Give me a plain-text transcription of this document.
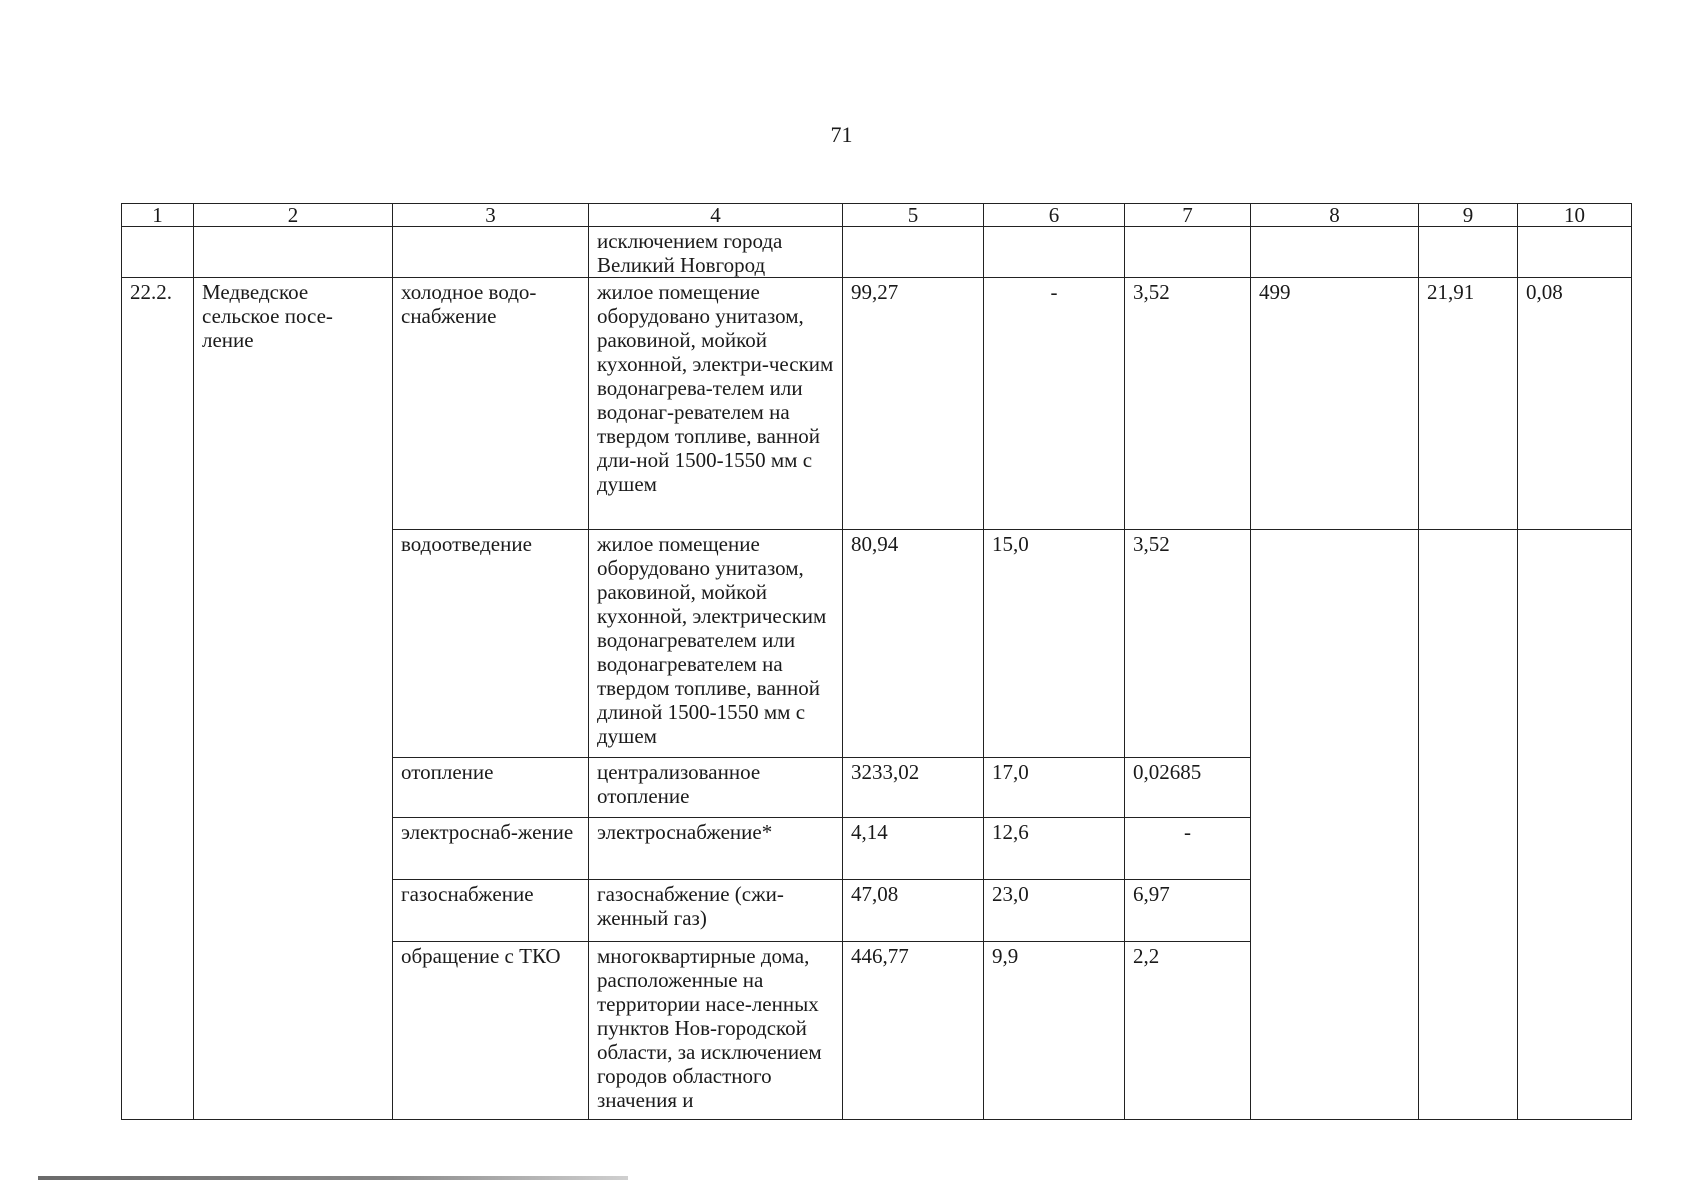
71
1	2	3	4	5	6	7	8	9	10
			исключением города Великий Новгород						
22.2.	Медведское сельское посе-ление	холодное водо-снабжение	жилое помещение оборудовано унитазом, раковиной, мойкой кухонной, электри-ческим водонагрева-телем или водонаг-ревателем на твердом топливе, ванной дли-ной 1500-1550 мм с душем	99,27	-	3,52	499	21,91	0,08
		водоотведение	жилое помещение оборудовано унитазом, раковиной, мойкой кухонной, электрическим водонагревателем или водонагревателем на твердом топливе, ванной длиной 1500-1550 мм с душем	80,94	15,0	3,52			
		отопление	централизованное отопление	3233,02	17,0	0,02685			
		электроснаб-жение	электроснабжение*	4,14	12,6	-			
		газоснабжение	газоснабжение (сжи-женный газ)	47,08	23,0	6,97			
		обращение с ТКО	многоквартирные дома, расположенные на территории насе-ленных пунктов Нов-городской области, за исключением городов областного значения и	446,77	9,9	2,2			
